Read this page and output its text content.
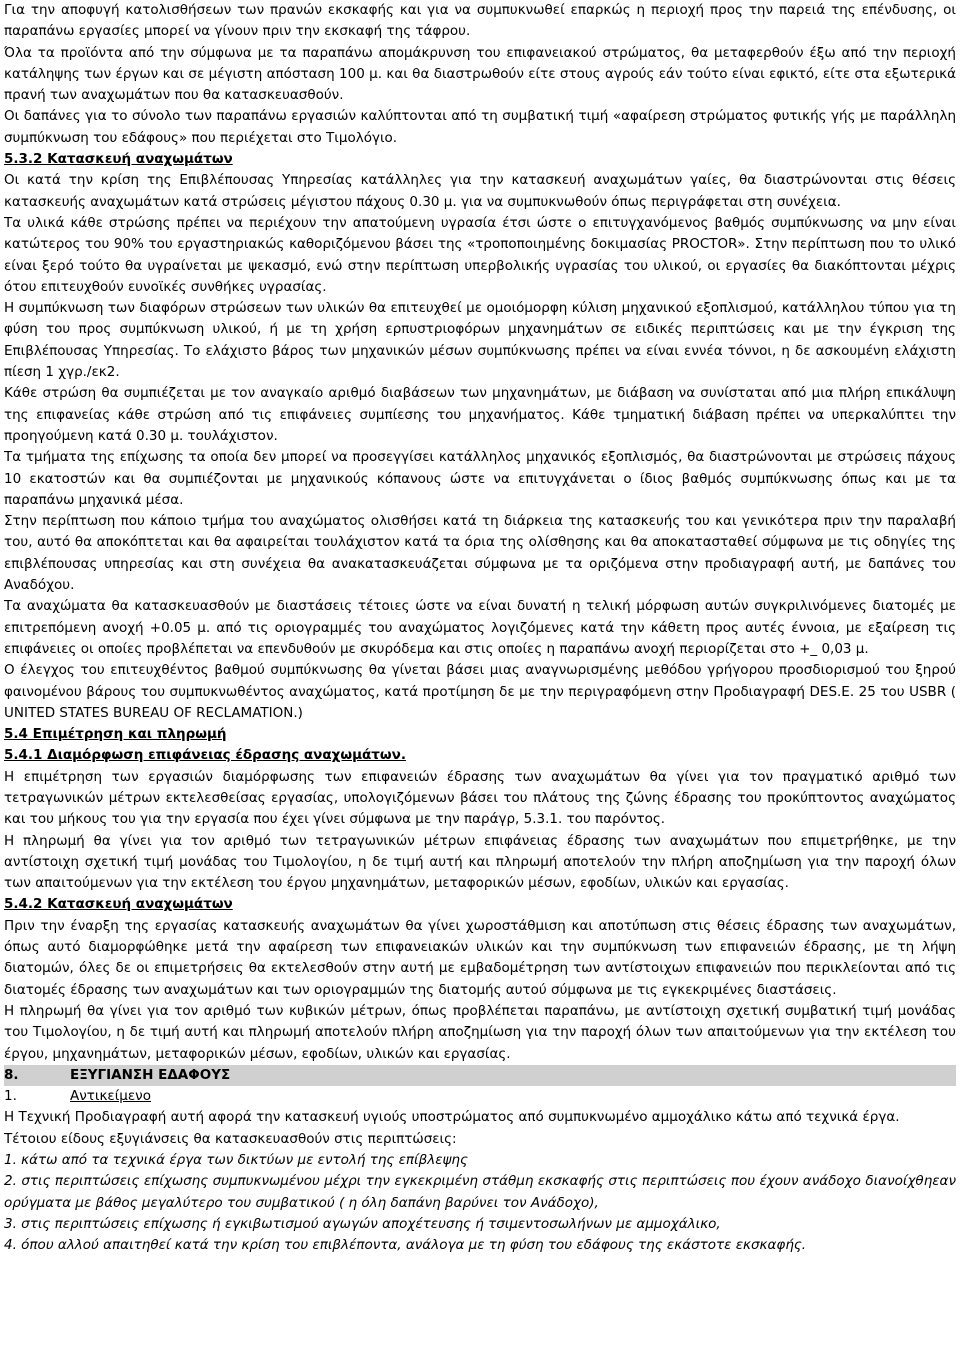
Για την αποφυγή κατολισθήσεων των πρανών εκσκαφής και για να συμπυκνωθεί επαρκώς η περιοχή προς την παρειά της επένδυσης, οι παραπάνω εργασίες μπορεί να γίνουν πριν την εκσκαφή της τάφρου.

Όλα τα προϊόντα από την σύμφωνα με τα παραπάνω απομάκρυνση του επιφανειακού στρώματος, θα μεταφερθούν έξω από την περιοχή κατάληψης των έργων και σε μέγιστη απόσταση 100 μ. και θα διαστρωθούν είτε στους αγρούς εάν τούτο είναι εφικτό, είτε στα εξωτερικά πρανή των αναχωμάτων που θα κατασκευασθούν.

Οι δαπάνες για το σύνολο των παραπάνω εργασιών καλύπτονται από τη συμβατική τιμή «αφαίρεση στρώματος φυτικής γής με παράλληλη συμπύκνωση του εδάφους» που περιέχεται στο Τιμολόγιο.

5.3.2 Κατασκευή αναχωμάτων

Οι κατά την κρίση της Επιβλέπουσας Υπηρεσίας κατάλληλες για την κατασκευή αναχωμάτων γαίες, θα διαστρώνονται στις θέσεις κατασκευής αναχωμάτων κατά στρώσεις μέγιστου πάχους 0.30 μ. για να συμπυκνωθούν όπως περιγράφεται στη συνέχεια.

Τα υλικά κάθε στρώσης πρέπει να περιέχουν την απατούμενη υγρασία έτσι ώστε ο επιτυγχανόμενος βαθμός συμπύκνωσης να μην είναι κατώτερος του 90% του εργαστηριακώς καθοριζόμενου βάσει της «τροποποιημένης δοκιμασίας PROCTOR». Στην περίπτωση που το υλικό είναι ξερό τούτο θα υγραίνεται με ψεκασμό, ενώ στην περίπτωση υπερβολικής υγρασίας του υλικού, οι εργασίες θα διακόπτονται μέχρις ότου επιτευχθούν ευνοϊκές συνθήκες υγρασίας.

Η συμπύκνωση των διαφόρων στρώσεων των υλικών θα επιτευχθεί με ομοιόμορφη κύλιση μηχανικού εξοπλισμού, κατάλληλου τύπου για τη φύση του προς συμπύκνωση υλικού, ή με τη χρήση ερπυστριοφόρων μηχανημάτων σε ειδικές περιπτώσεις και με την έγκριση της Επιβλέπουσας Υπηρεσίας. Το ελάχιστο βάρος των μηχανικών μέσων συμπύκνωσης πρέπει να είναι εννέα τόννοι, η δε ασκουμένη ελάχιστη πίεση 1 χγρ./εκ2.

Κάθε στρώση θα συμπιέζεται με τον αναγκαίο αριθμό διαβάσεων των μηχανημάτων, με διάβαση να συνίσταται από μια πλήρη επικάλυψη της επιφανείας κάθε στρώση από τις επιφάνειες συμπίεσης του μηχανήματος. Κάθε τμηματική διάβαση πρέπει να υπερκαλύπτει την προηγούμενη κατά 0.30 μ. τουλάχιστον.

Τα τμήματα της επίχωσης τα οποία δεν μπορεί να προσεγγίσει κατάλληλος μηχανικός εξοπλισμός, θα διαστρώνονται με στρώσεις πάχους 10 εκατοστών και θα συμπιέζονται με μηχανικούς κόπανους ώστε να επιτυγχάνεται ο ίδιος βαθμός συμπύκνωσης όπως και με τα παραπάνω μηχανικά μέσα.

Στην περίπτωση που κάποιο τμήμα του αναχώματος ολισθήσει κατά τη διάρκεια της κατασκευής του και γενικότερα πριν την παραλαβή του, αυτό θα αποκόπτεται και θα αφαιρείται τουλάχιστον κατά τα όρια της ολίσθησης και θα αποκατασταθεί σύμφωνα με τις οδηγίες της επιβλέπουσας υπηρεσίας και στη συνέχεια θα ανακατασκευάζεται σύμφωνα με τα οριζόμενα στην προδιαγραφή αυτή, με δαπάνες του Αναδόχου.

Τα αναχώματα θα κατασκευασθούν με διαστάσεις τέτοιες ώστε να είναι δυνατή η τελική μόρφωση αυτών συγκριλινόμενες διατομές με επιτρεπόμενη ανοχή +0.05 μ. από τις οριογραμμές του αναχώματος λογιζόμενες κατά την κάθετη προς αυτές έννοια, με εξαίρεση τις επιφάνειες οι οποίες προβλέπεται να επενδυθούν με σκυρόδεμα και στις οποίες η παραπάνω ανοχή περιορίζεται στο +_ 0,03 μ.

Ο έλεγχος του επιτευχθέντος βαθμού συμπύκνωσης θα γίνεται βάσει μιας αναγνωρισμένης μεθόδου γρήγορου προσδιορισμού του ξηρού φαινομένου βάρους του συμπυκνωθέντος αναχώματος, κατά προτίμηση δε με την περιγραφόμενη στην Προδιαγραφή DES.E. 25 του USBR ( UNITED STATES BUREAU OF RECLAMATION.)

5.4 Επιμέτρηση και πληρωμή
5.4.1 Διαμόρφωση επιφάνειας έδρασης αναχωμάτων.

Η επιμέτρηση των εργασιών διαμόρφωσης των επιφανειών έδρασης των αναχωμάτων θα γίνει για τον πραγματικό αριθμό των τετραγωνικών μέτρων εκτελεσθείσας εργασίας, υπολογιζόμενων βάσει του πλάτους της ζώνης έδρασης του προκύπτοντος αναχώματος και του μήκους του για την εργασία που έχει γίνει σύμφωνα με την παράγρ, 5.3.1. του παρόντος.

Η πληρωμή θα γίνει για τον αριθμό των τετραγωνικών μέτρων επιφάνειας έδρασης των αναχωμάτων που επιμετρήθηκε, με την αντίστοιχη σχετική τιμή μονάδας του Τιμολογίου, η δε τιμή αυτή και πληρωμή αποτελούν την πλήρη αποζημίωση για την παροχή όλων των απαιτούμενων για την εκτέλεση του έργου μηχανημάτων, μεταφορικών μέσων, εφοδίων, υλικών και εργασίας.

5.4.2 Κατασκευή αναχωμάτων

Πριν την έναρξη της εργασίας κατασκευής αναχωμάτων θα γίνει χωροστάθμιση και αποτύπωση στις θέσεις έδρασης των αναχωμάτων, όπως αυτό διαμορφώθηκε μετά την αφαίρεση των επιφανειακών υλικών και την συμπύκνωση των επιφανειών έδρασης, με τη λήψη διατομών, όλες δε οι επιμετρήσεις θα εκτελεσθούν στην αυτή με εμβαδομέτρηση των αντίστοιχων επιφανειών που περικλείονται από τις διατομές έδρασης των αναχωμάτων και των οριογραμμών της διατομής αυτού σύμφωνα με τις εγκεκριμένες διαστάσεις.

Η πληρωμή θα γίνει για τον αριθμό των κυβικών μέτρων, όπως προβλέπεται παραπάνω, με αντίστοιχη σχετική συμβατική τιμή μονάδας του Τιμολογίου, η δε τιμή αυτή και πληρωμή αποτελούν πλήρη αποζημίωση για την παροχή όλων των απαιτούμενων για την εκτέλεση του έργου, μηχανημάτων, μεταφορικών μέσων, εφοδίων, υλικών και εργασίας.

8.	ΕΞΥΓΙΑΝΣΗ ΕΔΑΦΟΥΣ
1.	Αντικείμενο

Η Τεχνική Προδιαγραφή αυτή αφορά την κατασκευή υγιούς υποστρώματος από συμπυκνωμένο αμμοχάλικο κάτω από τεχνικά έργα.

Τέτοιου είδους εξυγιάνσεις θα κατασκευασθούν στις περιπτώσεις:

1. κάτω από τα τεχνικά έργα των δικτύων με εντολή της επίβλεψης
2. στις περιπτώσεις επίχωσης συμπυκνωμένου μέχρι την εγκεκριμένη στάθμη εκσκαφής στις περιπτώσεις που έχουν ανάδοχο διανοίχθηεαν ορύγματα με βάθος μεγαλύτερο του συμβατικού ( η όλη δαπάνη βαρύνει τον Ανάδοχο),
3. στις περιπτώσεις επίχωσης ή εγκιβωτισμού αγωγών αποχέτευσης ή τσιμεντοσωλήνων με αμμοχάλικο,
4. όπου αλλού απαιτηθεί κατά την κρίση του επιβλέποντα, ανάλογα με τη φύση του εδάφους της εκάστοτε εκσκαφής.
